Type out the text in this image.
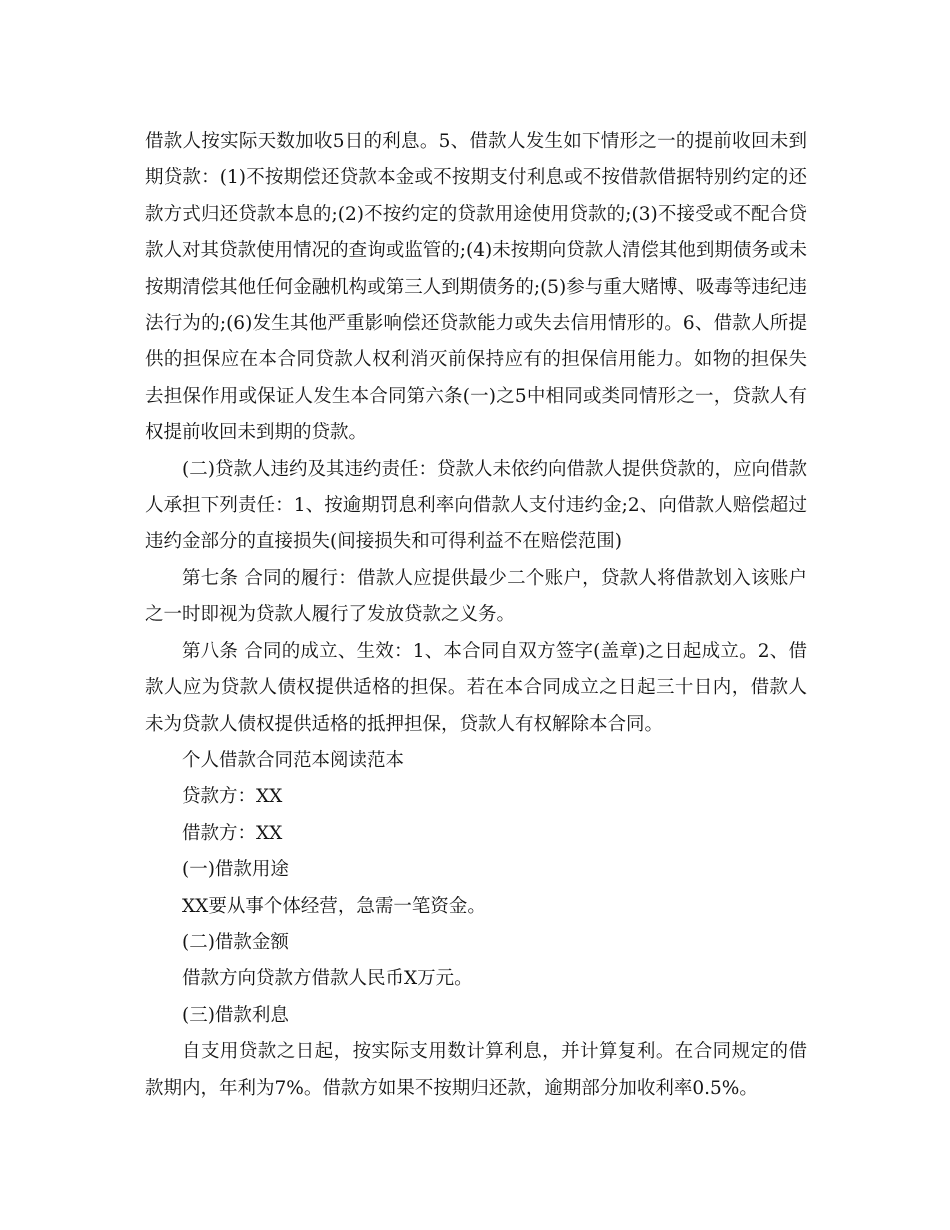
借款人按实际天数加收5日的利息。5、借款人发生如下情形之一的提前收回未到期贷款：(1)不按期偿还贷款本金或不按期支付利息或不按借款借据特别约定的还款方式归还贷款本息的;(2)不按约定的贷款用途使用贷款的;(3)不接受或不配合贷款人对其贷款使用情况的查询或监管的;(4)未按期向贷款人清偿其他到期债务或未按期清偿其他任何金融机构或第三人到期债务的;(5)参与重大赌博、吸毒等违纪违法行为的;(6)发生其他严重影响偿还贷款能力或失去信用情形的。6、借款人所提供的担保应在本合同贷款人权利消灭前保持应有的担保信用能力。如物的担保失去担保作用或保证人发生本合同第六条(一)之5中相同或类同情形之一，贷款人有权提前收回未到期的贷款。

(二)贷款人违约及其违约责任：贷款人未依约向借款人提供贷款的，应向借款人承担下列责任：1、按逾期罚息利率向借款人支付违约金;2、向借款人赔偿超过违约金部分的直接损失(间接损失和可得利益不在赔偿范围)

第七条 合同的履行：借款人应提供最少二个账户，贷款人将借款划入该账户之一时即视为贷款人履行了发放贷款之义务。

第八条 合同的成立、生效：1、本合同自双方签字(盖章)之日起成立。2、借款人应为贷款人债权提供适格的担保。若在本合同成立之日起三十日内，借款人未为贷款人债权提供适格的抵押担保，贷款人有权解除本合同。

个人借款合同范本阅读范本

贷款方：XX

借款方：XX

(一)借款用途

XX要从事个体经营，急需一笔资金。

(二)借款金额

借款方向贷款方借款人民币X万元。

(三)借款利息

自支用贷款之日起，按实际支用数计算利息，并计算复利。在合同规定的借款期内，年利为7%。借款方如果不按期归还款，逾期部分加收利率0.5%。
